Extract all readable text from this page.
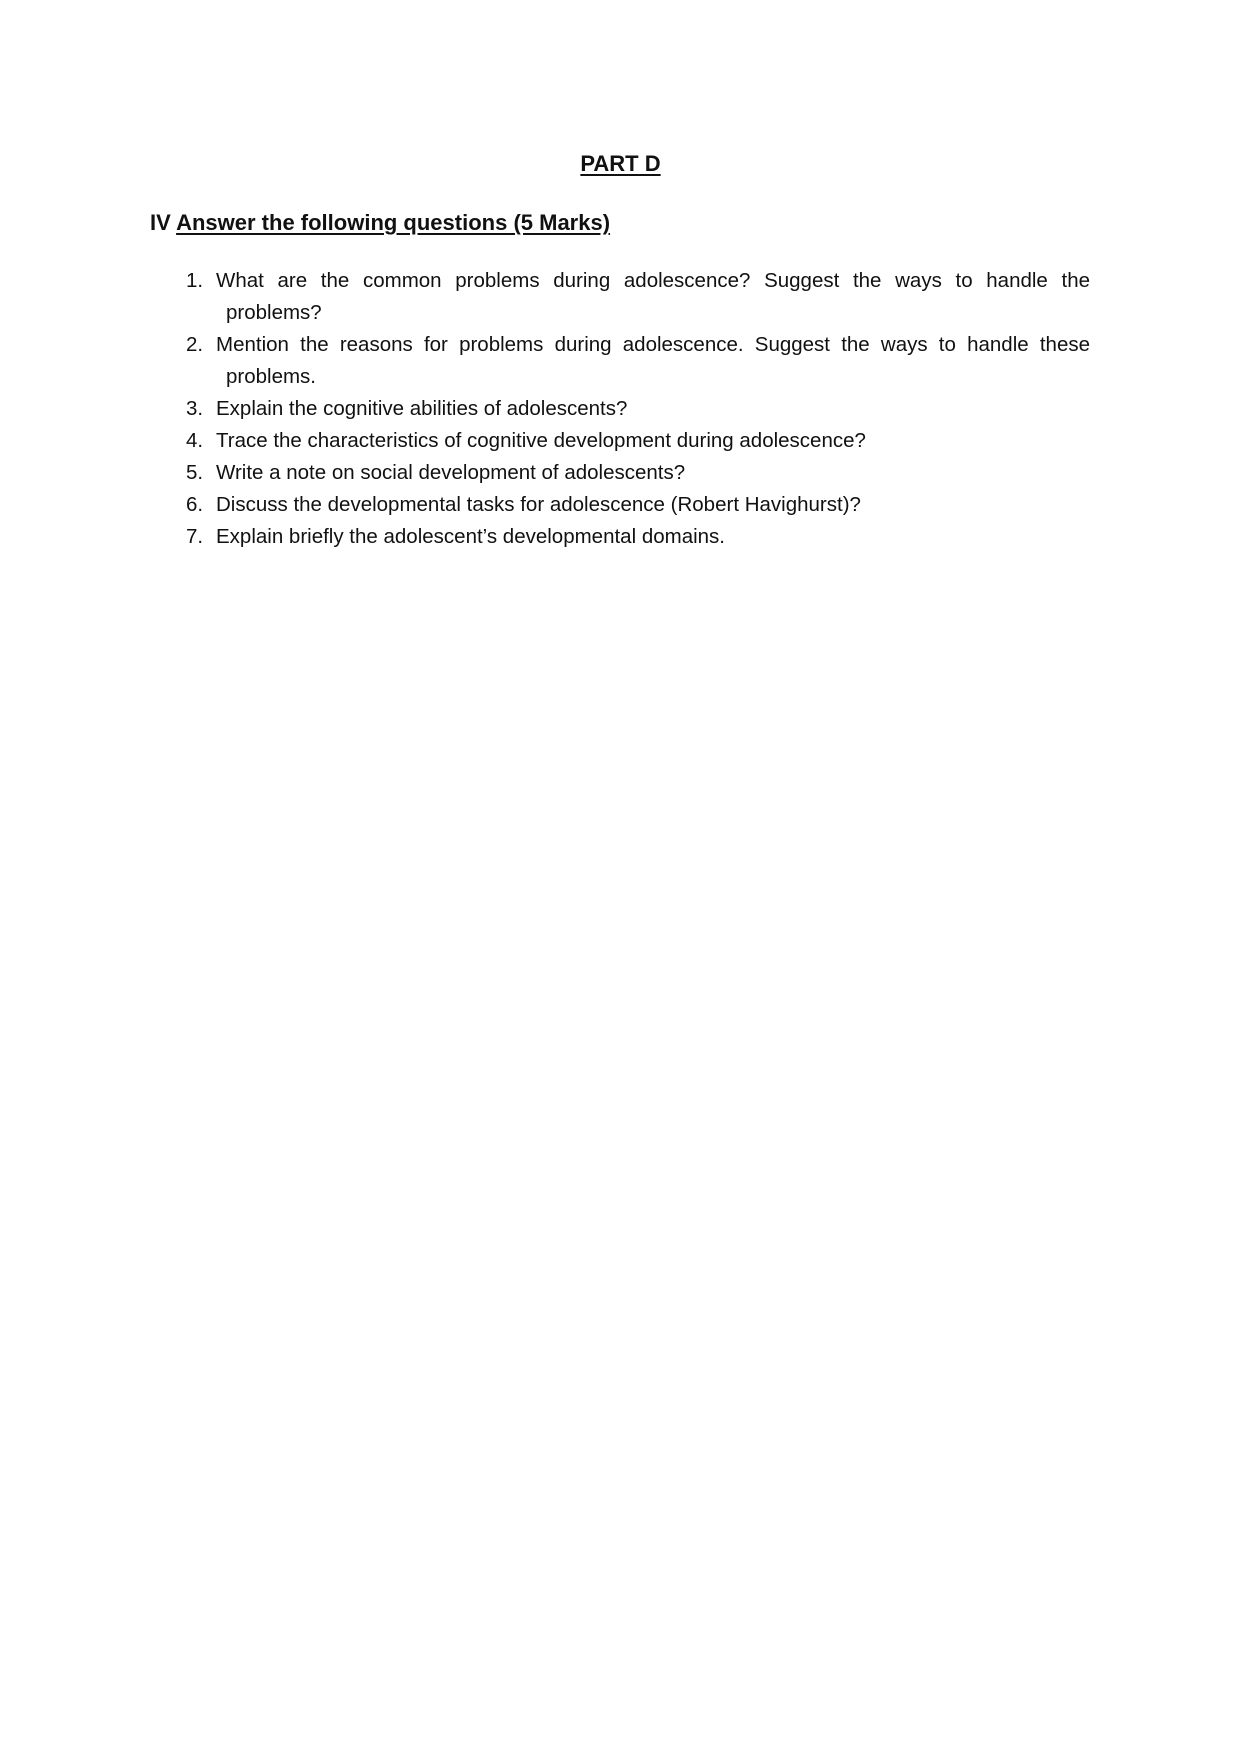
PART D
IV Answer the following questions (5 Marks)
1. What are the common problems during adolescence? Suggest the ways to handle the
problems?
2. Mention the reasons for problems during adolescence. Suggest the ways to handle these
problems.
3. Explain the cognitive abilities of adolescents?
4. Trace the characteristics of cognitive development during adolescence?
5. Write a note on social development of adolescents?
6. Discuss the developmental tasks for adolescence (Robert Havighurst)?
7. Explain briefly the adolescent’s developmental domains.
